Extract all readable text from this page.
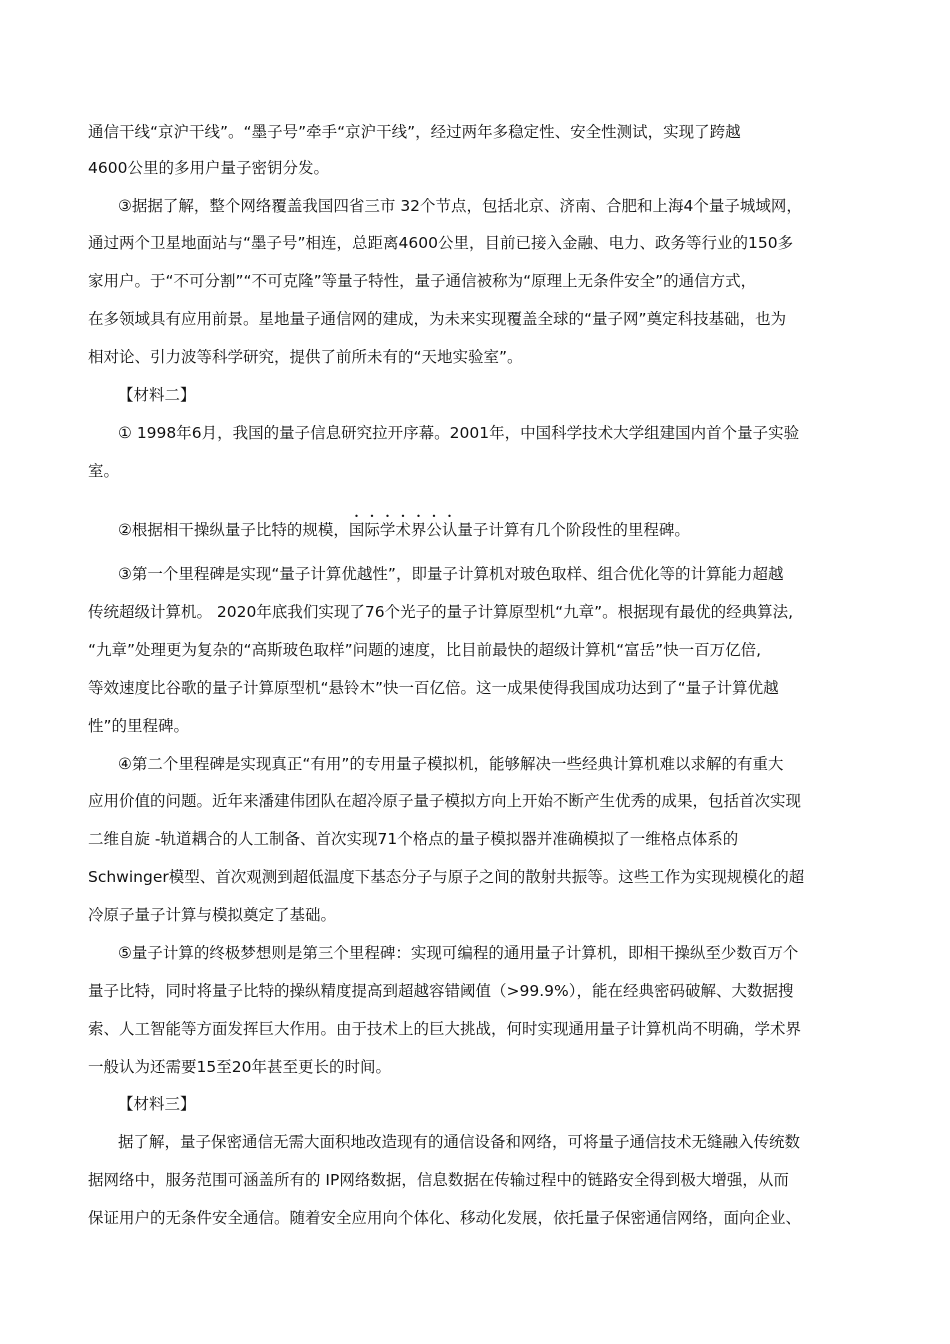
通信干线“京沪干线”。“墨子号”牵手“京沪干线”，经过两年多稳定性、安全性测试，实现了跨越
4600公里的多用户量子密钥分发。
③据据了解，整个网络覆盖我国四省三市 32个节点，包括北京、济南、合肥和上海4个量子城域网，
通过两个卫星地面站与“墨子号”相连，总距离4600公里，目前已接入金融、电力、政务等行业的150多
家用户。于“不可分割”“不可克隆”等量子特性，量子通信被称为“原理上无条件安全”的通信方式，
在多领域具有应用前景。星地量子通信网的建成，为未来实现覆盖全球的“量子网”奠定科技基础，也为
相对论、引力波等科学研究，提供了前所未有的“天地实验室”。
【材料二】
① 1998年6月，我国的量子信息研究拉开序幕。2001年，中国科学技术大学组建国内首个量子实验
室。
②根据相干操纵量子比特的规模，国际学术界公认量子计算有几个阶段性的里程碑。
③第一个里程碑是实现“量子计算优越性”，即量子计算机对玻色取样、组合优化等的计算能力超越
传统超级计算机。 2020年底我们实现了76个光子的量子计算原型机“九章”。根据现有最优的经典算法,
“九章”处理更为复杂的“高斯玻色取样”问题的速度，比目前最快的超级计算机“富岳”快一百万亿倍,
等效速度比谷歌的量子计算原型机“悬铃木”快一百亿倍。这一成果使得我国成功达到了“量子计算优越
性”的里程碑。
④第二个里程碑是实现真正“有用”的专用量子模拟机，能够解决一些经典计算机难以求解的有重大
应用价值的问题。近年来潘建伟团队在超冷原子量子模拟方向上开始不断产生优秀的成果，包括首次实现
二维自旋 -轨道耦合的人工制备、首次实现71个格点的量子模拟器并准确模拟了一维格点体系的
Schwinger模型、首次观测到超低温度下基态分子与原子之间的散射共振等。这些工作为实现规模化的超
冷原子量子计算与模拟奠定了基础。
⑤量子计算的终极梦想则是第三个里程碑：实现可编程的通用量子计算机，即相干操纵至少数百万个
量子比特，同时将量子比特的操纵精度提高到超越容错阈值（>99.9%），能在经典密码破解、大数据搜
索、人工智能等方面发挥巨大作用。由于技术上的巨大挑战，何时实现通用量子计算机尚不明确，学术界
一般认为还需要15至20年甚至更长的时间。
【材料三】
据了解，量子保密通信无需大面积地改造现有的通信设备和网络，可将量子通信技术无缝融入传统数
据网络中，服务范围可涵盖所有的 IP网络数据，信息数据在传输过程中的链路安全得到极大增强，从而
保证用户的无条件安全通信。随着安全应用向个体化、移动化发展，依托量子保密通信网络，面向企业、
